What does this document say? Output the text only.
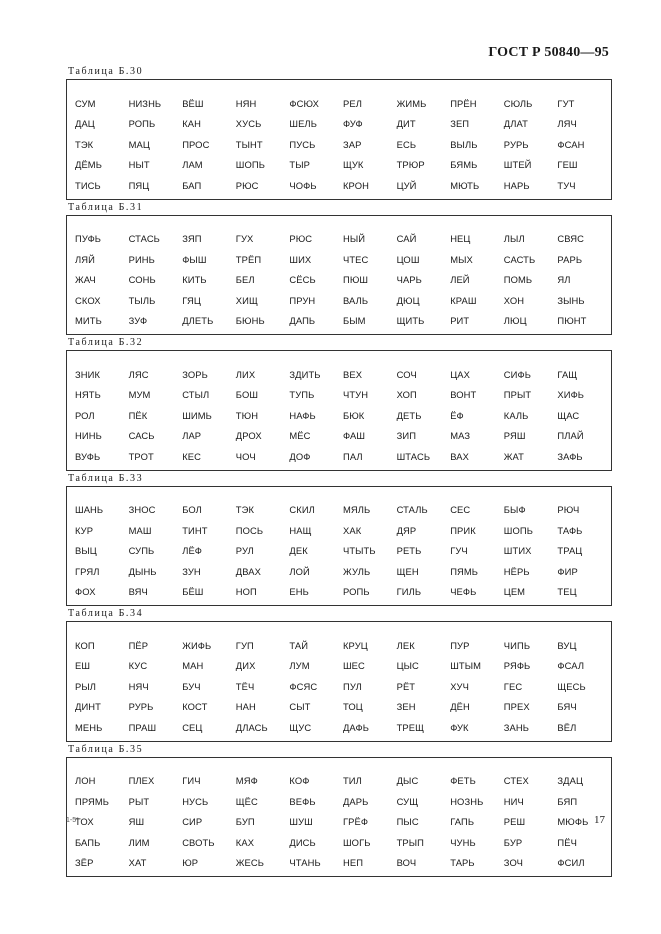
ГОСТ Р 50840—95
Таблица Б.30
СУМ	НИЗНЬ	ВЁШ	НЯН	ФСЮХ	РЕЛ	ЖИМЬ	ПРЁН	СЮЛЬ	ГУТ
ДАЦ	РОПЬ	КАН	ХУСЬ	ШЕЛЬ	ФУФ	ДИТ	ЗЕП	ДЛАТ	ЛЯЧ
ТЭК	МАЦ	ПРОС	ТЫНТ	ПУСЬ	ЗАР	ЕСЬ	ВЫЛЬ	РУРЬ	ФСАН
ДЁМЬ	НЫТ	ЛАМ	ШОПЬ	ТЫР	ЩУК	ТРЮР	БЯМЬ	ШТЕЙ	ГЕШ
ТИСЬ	ПЯЦ	БАП	РЮС	ЧОФЬ	КРОН	ЦУЙ	МЮТЬ	НАРЬ	ТУЧ
Таблица Б.31
ПУФЬ	СТАСЬ	ЗЯП	ГУХ	РЮС	НЫЙ	САЙ	НЕЦ	ЛЫЛ	СВЯС
ЛЯЙ	РИНЬ	ФЫШ	ТРЁП	ШИХ	ЧТЕС	ЦОШ	МЫХ	САСТЬ	РАРЬ
ЖАЧ	СОНЬ	КИТЬ	БЕЛ	СЁСЬ	ПЮШ	ЧАРЬ	ЛЕЙ	ПОМЬ	ЯЛ
СКОХ	ТЫЛЬ	ГЯЦ	ХИЩ	ПРУН	ВАЛЬ	ДЮЦ	КРАШ	ХОН	ЗЫНЬ
МИТЬ	ЗУФ	ДЛЕТЬ	БЮНЬ	ДАПЬ	БЫМ	ЩИТЬ	РИТ	ЛЮЦ	ПЮНТ
Таблица Б.32
ЗНИК	ЛЯС	ЗОРЬ	ЛИХ	ЗДИТЬ	ВЕХ	СОЧ	ЦАХ	СИФЬ	ГАЩ
НЯТЬ	МУМ	СТЫЛ	БОШ	ТУПЬ	ЧТУН	ХОП	ВОНТ	ПРЫТ	ХИФЬ
РОЛ	ПЁК	ШИМЬ	ТЮН	НАФЬ	БЮК	ДЕТЬ	ЁФ	КАЛЬ	ЩАС
НИНЬ	САСЬ	ЛАР	ДРОХ	МЁС	ФАШ	ЗИП	МАЗ	РЯШ	ПЛАЙ
ВУФЬ	ТРОТ	КЕС	ЧОЧ	ДОФ	ПАЛ	ШТАСЬ	ВАХ	ЖАТ	ЗАФЬ
Таблица Б.33
ШАНЬ	ЗНОС	БОЛ	ТЭК	СКИЛ	МЯЛЬ	СТАЛЬ	СЕС	БЫФ	РЮЧ
КУР	МАШ	ТИНТ	ПОСЬ	НАЩ	ХАК	ДЯР	ПРИК	ШОПЬ	ТАФЬ
ВЫЦ	СУПЬ	ЛЁФ	РУЛ	ДЕК	ЧТЫТЬ	РЕТЬ	ГУЧ	ШТИХ	ТРАЦ
ГРЯЛ	ДЫНЬ	ЗУН	ДВАХ	ЛОЙ	ЖУЛЬ	ЩЕН	ПЯМЬ	НЁРЬ	ФИР
ФОХ	ВЯЧ	БЁШ	НОП	ЕНЬ	РОПЬ	ГИЛЬ	ЧЕФЬ	ЦЕМ	ТЕЦ
Таблица Б.34
КОП	ПЁР	ЖИФЬ	ГУП	ТАЙ	КРУЦ	ЛЕК	ПУР	ЧИПЬ	ВУЦ
ЕШ	КУС	МАН	ДИХ	ЛУМ	ШЕС	ЦЫС	ШТЫМ	РЯФЬ	ФСАЛ
РЫЛ	НЯЧ	БУЧ	ТЁЧ	ФСЯС	ПУЛ	РЁТ	ХУЧ	ГЕС	ЩЕСЬ
ДИНТ	РУРЬ	КОСТ	НАН	СЫТ	ТОЦ	ЗЕН	ДЁН	ПРЕХ	БЯЧ
МЕНЬ	ПРАШ	СЕЦ	ДЛАСЬ	ЩУС	ДАФЬ	ТРЕЩ	ФУК	ЗАНЬ	ВЁЛ
Таблица Б.35
ЛОН	ПЛЕХ	ГИЧ	МЯФ	КОФ	ТИЛ	ДЫС	ФЕТЬ	СТЕХ	ЗДАЦ
ПРЯМЬ	РЫТ	НУСЬ	ЩЁС	ВЕФЬ	ДАРЬ	СУЩ	НОЗНЬ	НИЧ	БЯП
ТОХ	ЯШ	СИР	БУП	ШУШ	ГРЁФ	ПЫС	ГАПЬ	РЕШ	МЮФЬ
БАПЬ	ЛИМ	СВОТЬ	КАХ	ДИСЬ	ШОГЬ	ТРЫП	ЧУНЬ	БУР	ПЁЧ
ЗЁР	ХАТ	ЮР	ЖЕСЬ	ЧТАНЬ	НЕП	ВОЧ	ТАРЬ	ЗОЧ	ФСИЛ
1-5*	17
